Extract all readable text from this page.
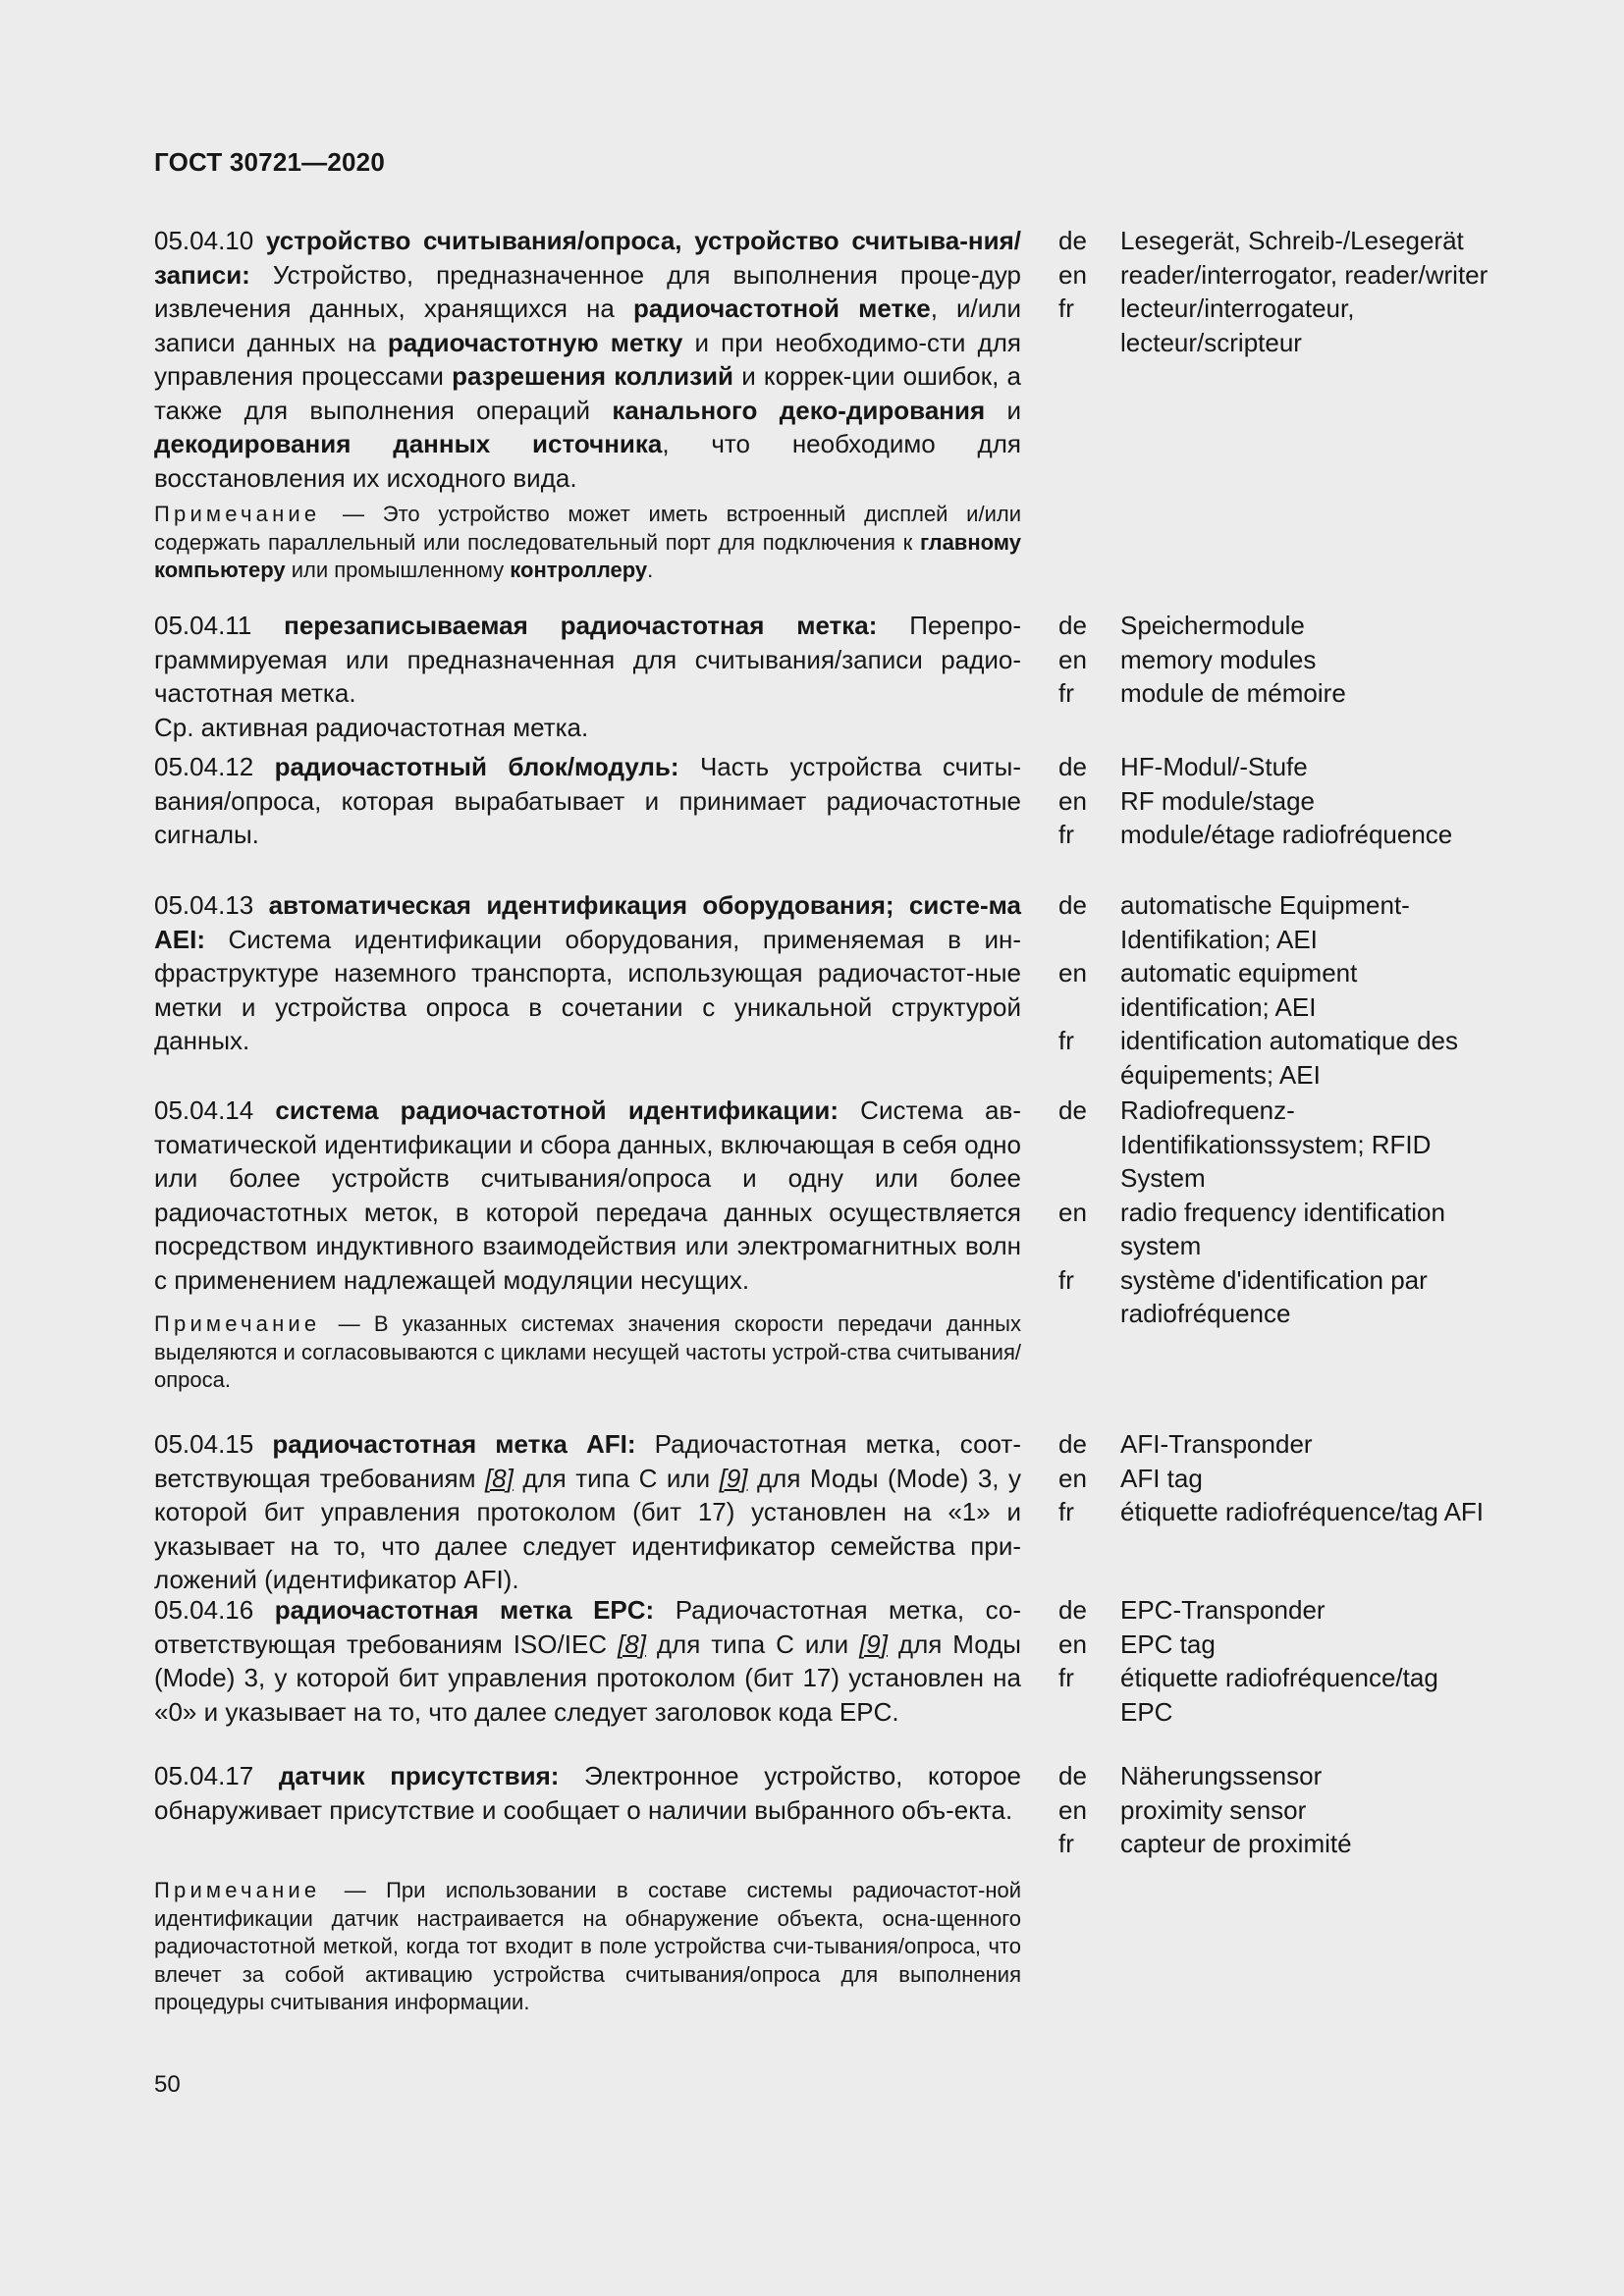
ГОСТ 30721—2020
05.04.10 устройство считывания/опроса, устройство считыва-ния/записи: Устройство, предназначенное для выполнения проце-дур извлечения данных, хранящихся на радиочастотной метке, и/или записи данных на радиочастотную метку и при необходимо-сти для управления процессами разрешения коллизий и коррек-ции ошибок, а также для выполнения операций канального деко-дирования и декодирования данных источника, что необходимо для восстановления их исходного вида.
Примечание — Это устройство может иметь встроенный дисплей и/или содержать параллельный или последовательный порт для подключения к главному компьютеру или промышленному контроллеру.
de	Lesegerät, Schreib-/Lesegerät
en	reader/interrogator, reader/writer
fr	lecteur/interrogateur, lecteur/scripteur
05.04.11 перезаписываемая радиочастотная метка: Перепро-граммируемая или предназначенная для считывания/записи радио-частотная метка.
Ср. активная радиочастотная метка.
de	Speichermodule
en	memory modules
fr	module de mémoire
05.04.12 радиочастотный блок/модуль: Часть устройства считы-вания/опроса, которая вырабатывает и принимает радиочастотные сигналы.
de	HF-Modul/-Stufe
en	RF module/stage
fr	module/étage radiofréquence
05.04.13 автоматическая идентификация оборудования; систе-ма AEI: Система идентификации оборудования, применяемая в ин-фраструктуре наземного транспорта, использующая радиочастот-ные метки и устройства опроса в сочетании с уникальной структурой данных.
de	automatische Equipment-Identifikation; AEI
en	automatic equipment identification; AEI
fr	identification automatique des équipements; AEI
05.04.14 система радиочастотной идентификации: Система ав-томатической идентификации и сбора данных, включающая в себя одно или более устройств считывания/опроса и одну или более радиочастотных меток, в которой передача данных осуществляется посредством индуктивного взаимодействия или электромагнитных волн с применением надлежащей модуляции несущих.
Примечание — В указанных системах значения скорости передачи данных выделяются и согласовываются с циклами несущей частоты устрой-ства считывания/опроса.
de	Radiofrequenz-Identifikationssystem; RFID System
en	radio frequency identification system
fr	système d'identification par radiofréquence
05.04.15 радиочастотная метка AFI: Радиочастотная метка, соот-ветствующая требованиям [8] для типа С или [9] для Моды (Mode) 3, у которой бит управления протоколом (бит 17) установлен на «1» и указывает на то, что далее следует идентификатор семейства при-ложений (идентификатор AFI).
de	AFI-Transponder
en	AFI tag
fr	étiquette radiofréquence/tag AFI
05.04.16 радиочастотная метка EPC: Радиочастотная метка, со-ответствующая требованиям ISO/IEC [8] для типа С или [9] для Моды (Mode) 3, у которой бит управления протоколом (бит 17) установлен на «0» и указывает на то, что далее следует заголовок кода EPC.
de	EPC-Transponder
en	EPC tag
fr	étiquette radiofréquence/tag EPC
05.04.17 датчик присутствия: Электронное устройство, которое обнаруживает присутствие и сообщает о наличии выбранного объ-екта.
Примечание — При использовании в составе системы радиочастот-ной идентификации датчик настраивается на обнаружение объекта, осна-щенного радиочастотной меткой, когда тот входит в поле устройства счи-тывания/опроса, что влечет за собой активацию устройства считывания/опроса для выполнения процедуры считывания информации.
de	Näherungssensor
en	proximity sensor
fr	capteur de proximité
50
